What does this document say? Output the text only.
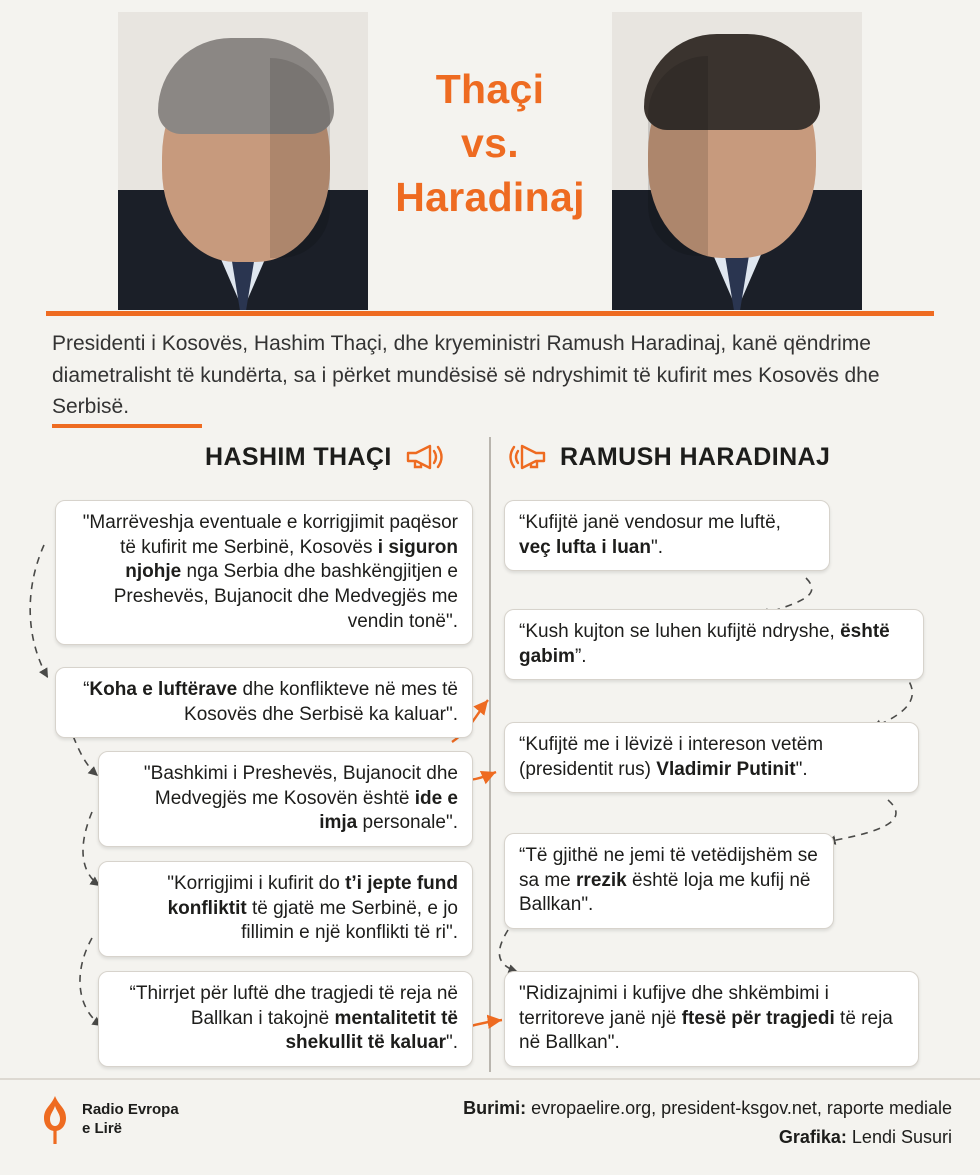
Thaçi
vs.
Haradinaj
Presidenti i Kosovës, Hashim Thaçi, dhe kryeministri Ramush Haradinaj, kanë qëndrime diametralisht të kundërta, sa i përket mundësisë së ndryshimit të kufirit mes Kosovës dhe Serbisë.
HASHIM THAÇI	RAMUSH HARADINAJ
"Marrëveshja eventuale e korrigjimit paqësor të kufirit me Serbinë, Kosovës i siguron njohje nga Serbia dhe bashkëngjitjen e Preshevës, Bujanocit dhe Medvegjës me vendin tonë".
“Koha e luftërave dhe konflikteve në mes të Kosovës dhe Serbisë ka kaluar".
"Bashkimi i Preshevës, Bujanocit dhe Medvegjës me Kosovën është ide e imja personale".
"Korrigjimi i kufirit do t’i jepte fund konfliktit të gjatë me Serbinë, e jo fillimin e një konflikti të ri".
“Thirrjet për luftë dhe tragjedi të reja në Ballkan i takojnë mentalitetit të shekullit të kaluar".
“Kufijtë janë vendosur me luftë, veç lufta i luan".
“Kush kujton se luhen kufijtë ndryshe, është gabim”.
“Kufijtë me i lëvizë i intereson vetëm (presidentit rus) Vladimir Putinit".
“Të gjithë ne jemi të vetëdijshëm se sa me rrezik është loja me kufij në Ballkan".
"Ridizajnimi i kufijve dhe shkëmbimi i territoreve janë një ftesë për tragjedi të reja në Ballkan".
Radio Evropa
e Lirë
Burimi: evropaelire.org, president-ksgov.net, raporte mediale
Grafika: Lendi Susuri
